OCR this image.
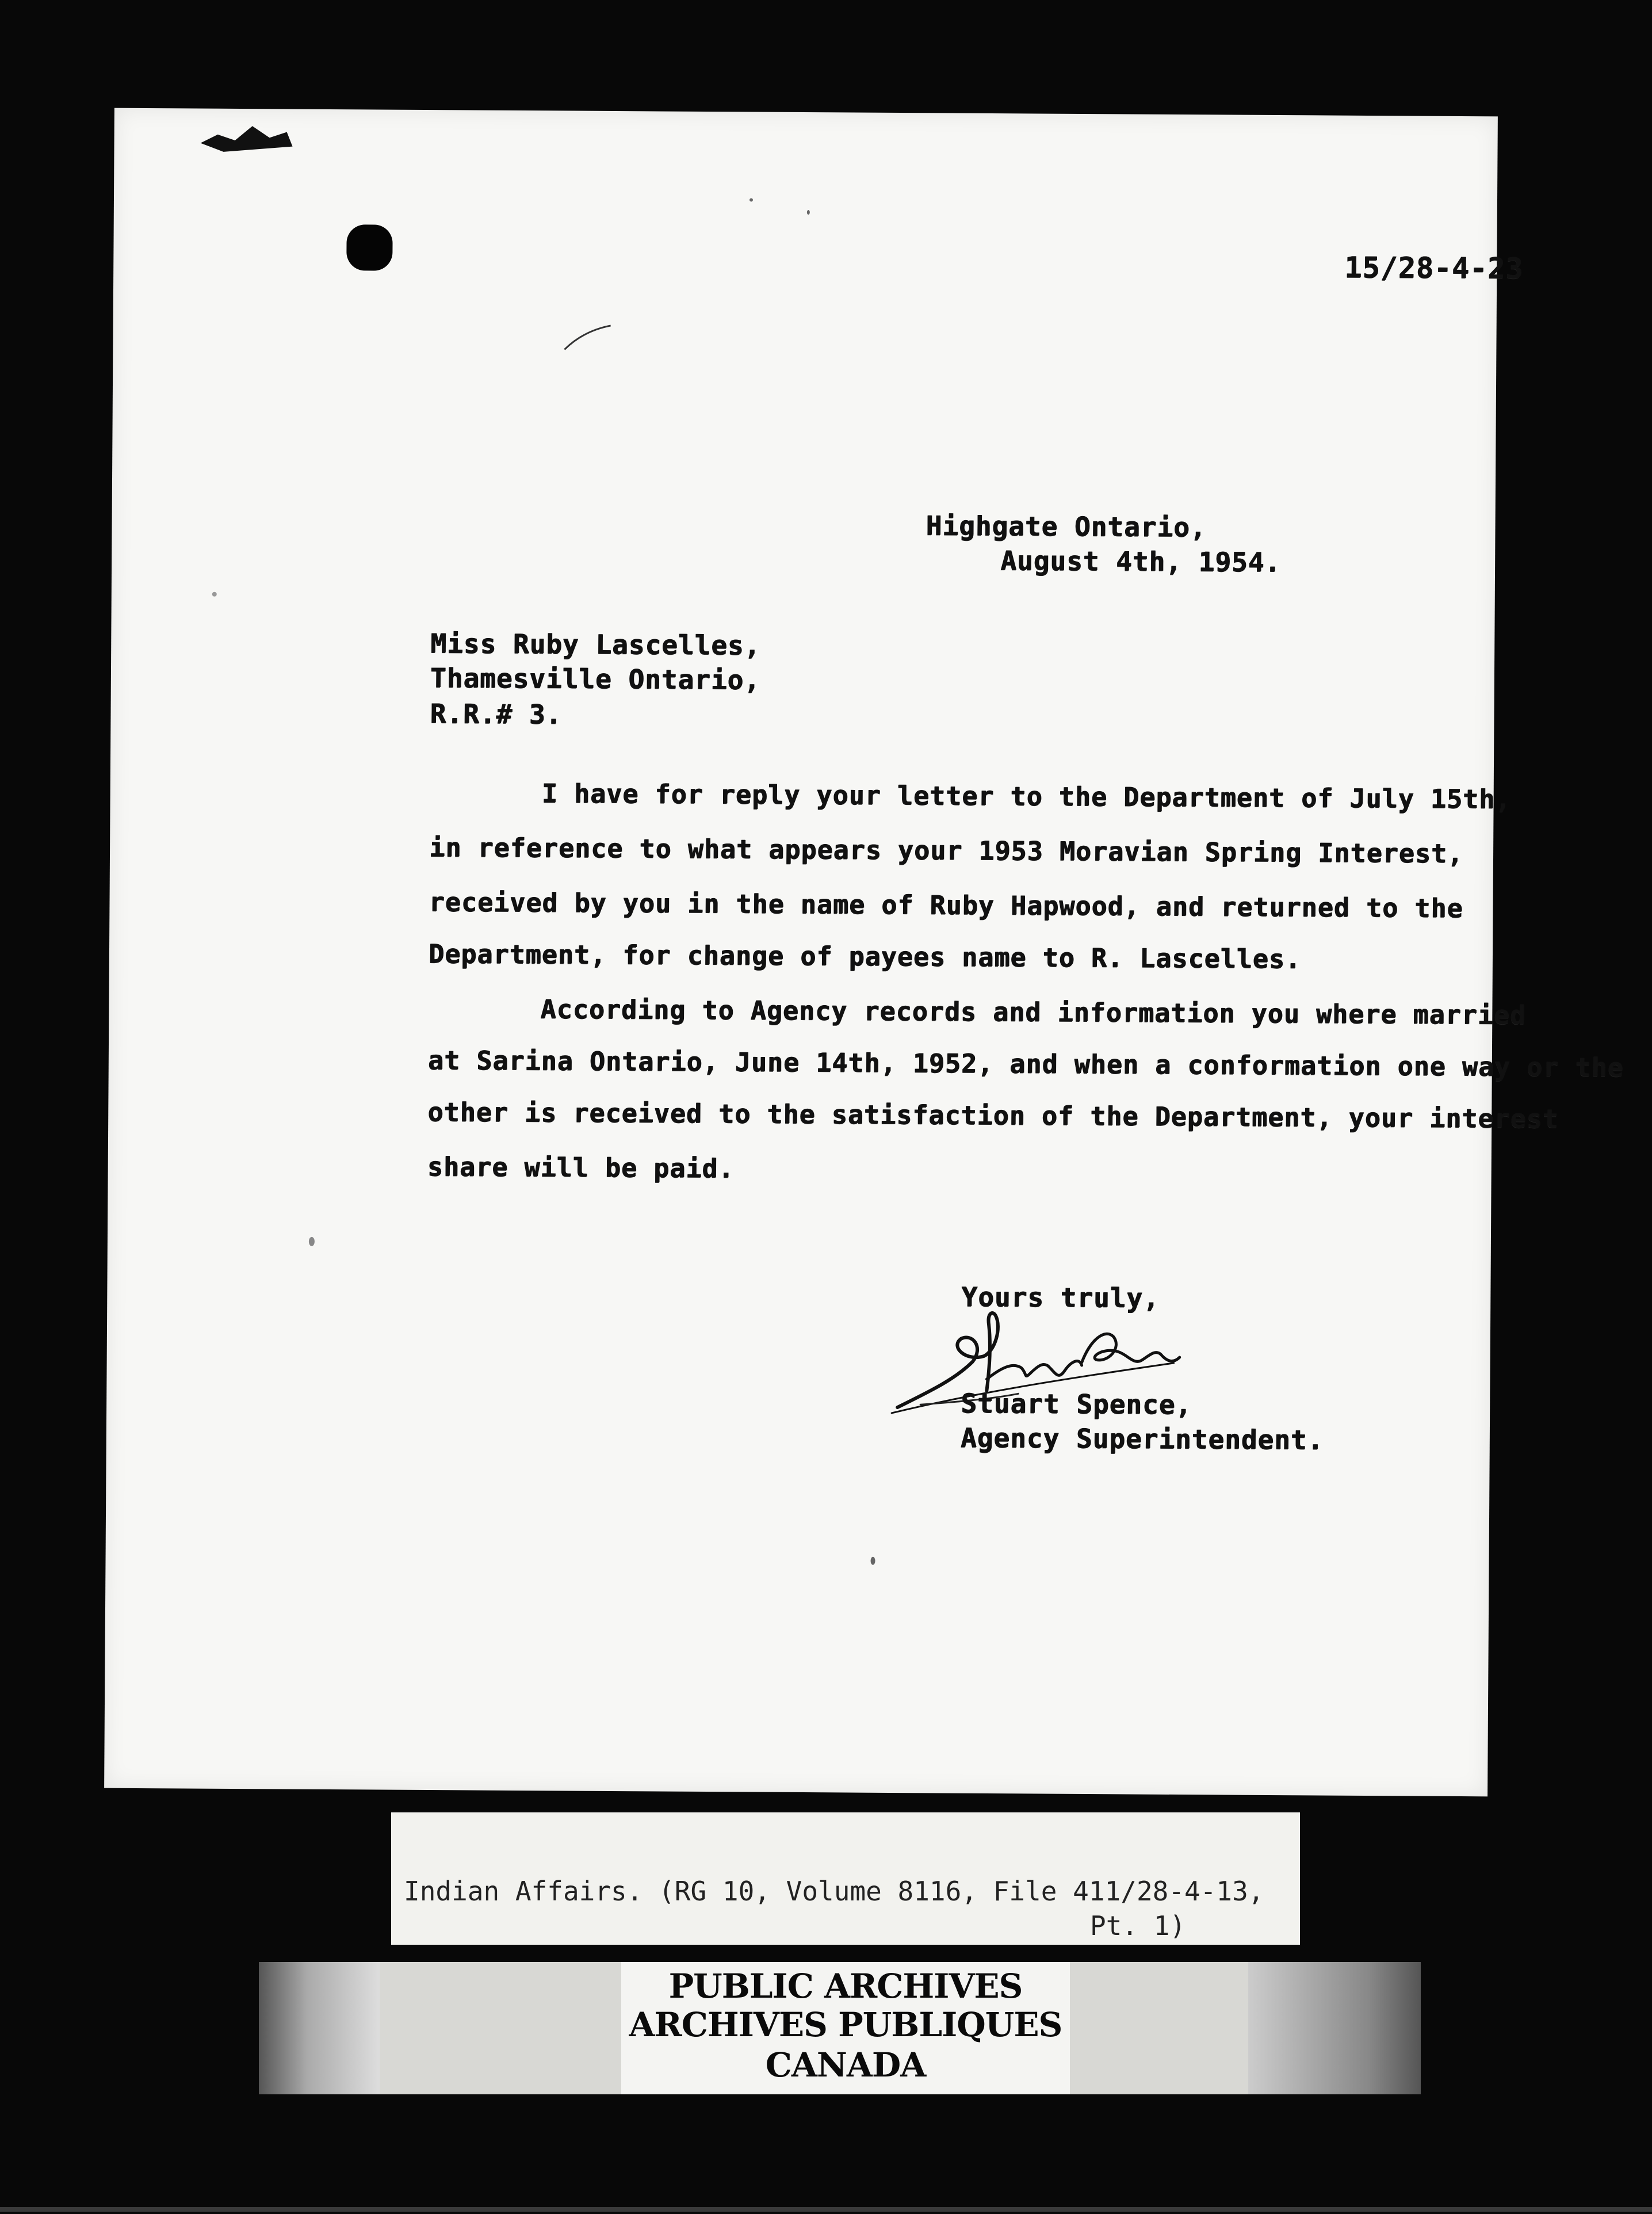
15/28-4-23
Highgate Ontario,
August 4th, 1954.
Miss Ruby Lascelles,
Thamesville Ontario,
R.R.# 3.
I have for reply your letter to the Department of July 15th,
in reference to what appears your 1953 Moravian Spring Interest,
received by you in the name of Ruby Hapwood, and returned to the
Department, for change of payees name to R. Lascelles.
According to Agency records and information you where married
at Sarina Ontario, June 14th, 1952, and when a conformation one way or the
other is received to the satisfaction of the Department, your interest
share will be paid.
Yours truly,
Stuart Spence,
Agency Superintendent.
Indian Affairs. (RG 10, Volume 8116, File 411/28-4-13,
Pt. 1)
PUBLIC ARCHIVES
ARCHIVES PUBLIQUES
CANADA
